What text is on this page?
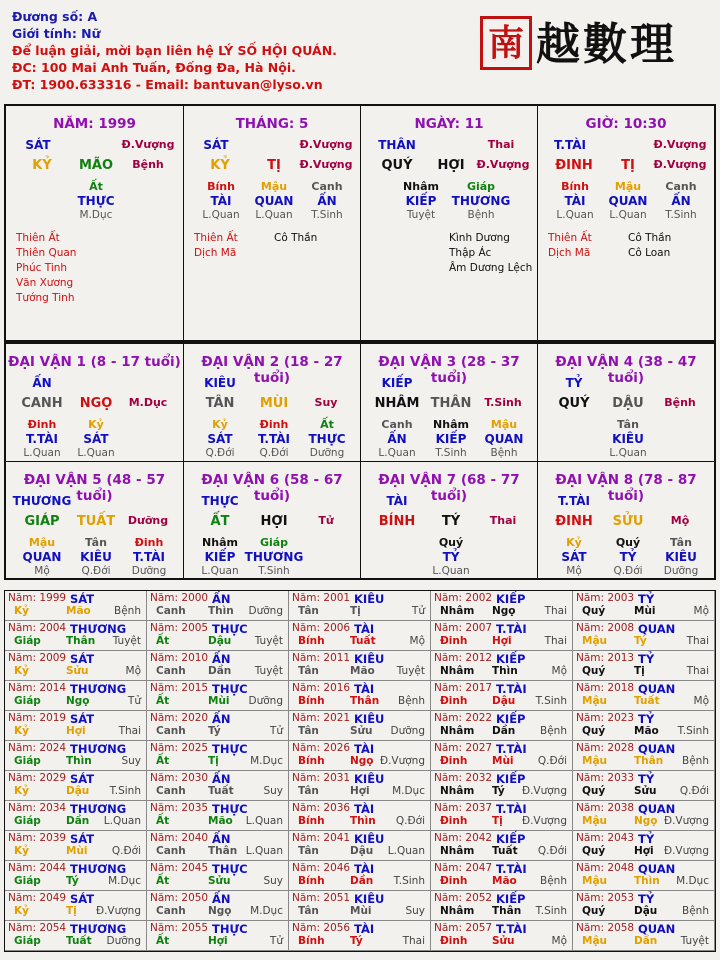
Đương số: A
Giới tính: Nữ
Để luận giải, mời bạn liên hệ LÝ SỐ HỘI QUÁN.
ĐC: 100 Mai Anh Tuấn, Đống Đa, Hà Nội.
ĐT: 1900.633316 - Email: bantuvan@lyso.vn
南 越數理
NĂM: 1999
SÁT	Đ.Vượng
KỶ MÃO Bệnh
Ất
THỰC
M.Dục
Thiên Ất
Thiên Quan
Phúc Tinh
Văn Xương
Tướng Tinh
THÁNG: 5
SÁT	Đ.Vượng
KỶ	TỊ Đ.Vượng
Bính
TÀI
L.Quan
Mậu
QUAN
L.Quan
Canh
ẤN
T.Sinh
Thiên Ất
Dịch Mã
Cô Thần
NGÀY: 11
THÂN	Thai
QUÝ HỢI Đ.Vượng
Nhâm
KIẾP
Tuyệt
Giáp
THƯƠNG
Bệnh
Kình Dương
Thập Ác
Âm Dương Lệch
GIỜ: 10:30
T.TÀI	Đ.Vượng
ĐINH TỊ Đ.Vượng
Bính
TÀI
L.Quan
Mậu
QUAN
L.Quan
Canh
ẤN
T.Sinh
Thiên Ất
Dịch Mã
Cô Thần
Cô Loan
ĐẠI VẬN 1 (8 - 17 tuổi)
ẤN
CANH NGỌ M.Dục
Đinh
T.TÀI
L.Quan
Kỷ
SÁT
L.Quan
ĐẠI VẬN 2 (18 - 27 tuổi)
KIÊU
TÂN MÙI Suy
Kỷ
SÁT
Q.Đới
Đinh
T.TÀI
Q.Đới
Ất
THỰC
Dưỡng
ĐẠI VẬN 3 (28 - 37 tuổi)
KIẾP
NHÂM THÂN T.Sinh
Canh
ẤN
L.Quan
Nhâm
KIẾP
T.Sinh
Mậu
QUAN
Bệnh
ĐẠI VẬN 4 (38 - 47 tuổi)
TỶ
QUÝ DẬU Bệnh
Tân
KIÊU
L.Quan
ĐẠI VẬN 5 (48 - 57 tuổi)
THƯƠNG
GIÁP TUẤT Dưỡng
Mậu
QUAN
Mộ
Tân
KIÊU
Q.Đới
Đinh
T.TÀI
Dưỡng
ĐẠI VẬN 6 (58 - 67 tuổi)
THỰC
ẤT HỢI	Tử
Nhâm
KIẾP
L.Quan
Giáp
THƯƠNG
T.Sinh
ĐẠI VẬN 7 (68 - 77 tuổi)
TÀI
BÍNH TÝ	Thai
Quý
TỶ
L.Quan
ĐẠI VẬN 8 (78 - 87 tuổi)
T.TÀI
ĐINH SỬU Mộ
Kỷ
SÁT
Mộ
Quý
TỶ
Q.Đới
Tân
KIÊU
Dưỡng
Năm: 1999 SÁT
Kỷ	Mão Bệnh
Năm: 2000 ẤN
Canh Thìn Dưỡng
Năm: 2001 KIÊU
Tân	Tị	Tử
Năm: 2002 KIẾP
Nhâm Ngọ	Thai
Năm: 2003 TỶ
Quý	Mùi	Mộ
Năm: 2004 THƯƠNG
Giáp Thân Tuyệt
Năm: 2005 THỰC
Ất	Dậu Tuyệt
Năm: 2006 TÀI
Bính Tuất	Mộ
Năm: 2007 T.TÀI
Đinh Hợi	Thai
Năm: 2008 QUAN
Mậu	Tý	Thai
Năm: 2009 SÁT
Kỷ	Sửu	Mộ
Năm: 2010 ẤN
Canh Dần Tuyệt
Năm: 2011 KIÊU
Tân	Mão Tuyệt
Năm: 2012 KIẾP
Nhâm Thìn	Mộ
Năm: 2013 TỶ
Quý	Tị	Thai
Năm: 2014 THƯƠNG
Giáp Ngọ	Tử
Năm: 2015 THỰC
Ất	Mùi Dưỡng
Năm: 2016 TÀI
Bính Thân Bệnh
Năm: 2017 T.TÀI
Đinh Dậu T.Sinh
Năm: 2018 QUAN
Mậu	Tuất	Mộ
Năm: 2019 SÁT
Kỷ	Hợi	Thai
Năm: 2020 ẤN
Canh Tý	Tử
Năm: 2021 KIÊU
Tân	Sửu Dưỡng
Năm: 2022 KIẾP
Nhâm Dần Bệnh
Năm: 2023 TỶ
Quý	Mão T.Sinh
Năm: 2024 THƯƠNG
Giáp Thìn	Suy
Năm: 2025 THỰC
Ất	Tị	M.Dục
Năm: 2026 TÀI
Bính Ngọ Đ.Vượng
Năm: 2027 T.TÀI
Đinh Mùi Q.Đới
Năm: 2028 QUAN
Mậu	Thân Bệnh
Năm: 2029 SÁT
Kỷ	Dậu T.Sinh
Năm: 2030 ẤN
Canh Tuất	Suy
Năm: 2031 KIÊU
Tân	Hợi M.Dục
Năm: 2032 KIẾP
Nhâm Tý Đ.Vượng
Năm: 2033 TỶ
Quý	Sửu Q.Đới
Năm: 2034 THƯƠNG
Giáp Dần L.Quan
Năm: 2035 THỰC
Ất	Mão L.Quan
Năm: 2036 TÀI
Bính Thìn Q.Đới
Năm: 2037 T.TÀI
Đinh Tị Đ.Vượng
Năm: 2038 QUAN
Mậu	Ngọ Đ.Vượng
Năm: 2039 SÁT
Kỷ	Mùi Q.Đới
Năm: 2040 ẤN
Canh Thân L.Quan
Năm: 2041 KIÊU
Tân	Dậu L.Quan
Năm: 2042 KIẾP
Nhâm Tuất Q.Đới
Năm: 2043 TỶ
Quý	Hợi Đ.Vượng
Năm: 2044 THƯƠNG
Giáp Tý	M.Dục
Năm: 2045 THỰC
Ất	Sửu	Suy
Năm: 2046 TÀI
Bính Dần T.Sinh
Năm: 2047 T.TÀI
Đinh Mão Bệnh
Năm: 2048 QUAN
Mậu	Thìn M.Dục
Năm: 2049 SÁT
Kỷ	Tị Đ.Vượng
Năm: 2050 ẤN
Canh Ngọ M.Dục
Năm: 2051 KIÊU
Tân	Mùi	Suy
Năm: 2052 KIẾP
Nhâm Thân T.Sinh
Năm: 2053 TỶ
Quý	Dậu Bệnh
Năm: 2054 THƯƠNG
Giáp Tuất Dưỡng
Năm: 2055 THỰC
Ất	Hợi	Tử
Năm: 2056 TÀI
Bính Tý	Thai
Năm: 2057 T.TÀI
Đinh Sửu	Mộ
Năm: 2058 QUAN
Mậu	Dần Tuyệt
